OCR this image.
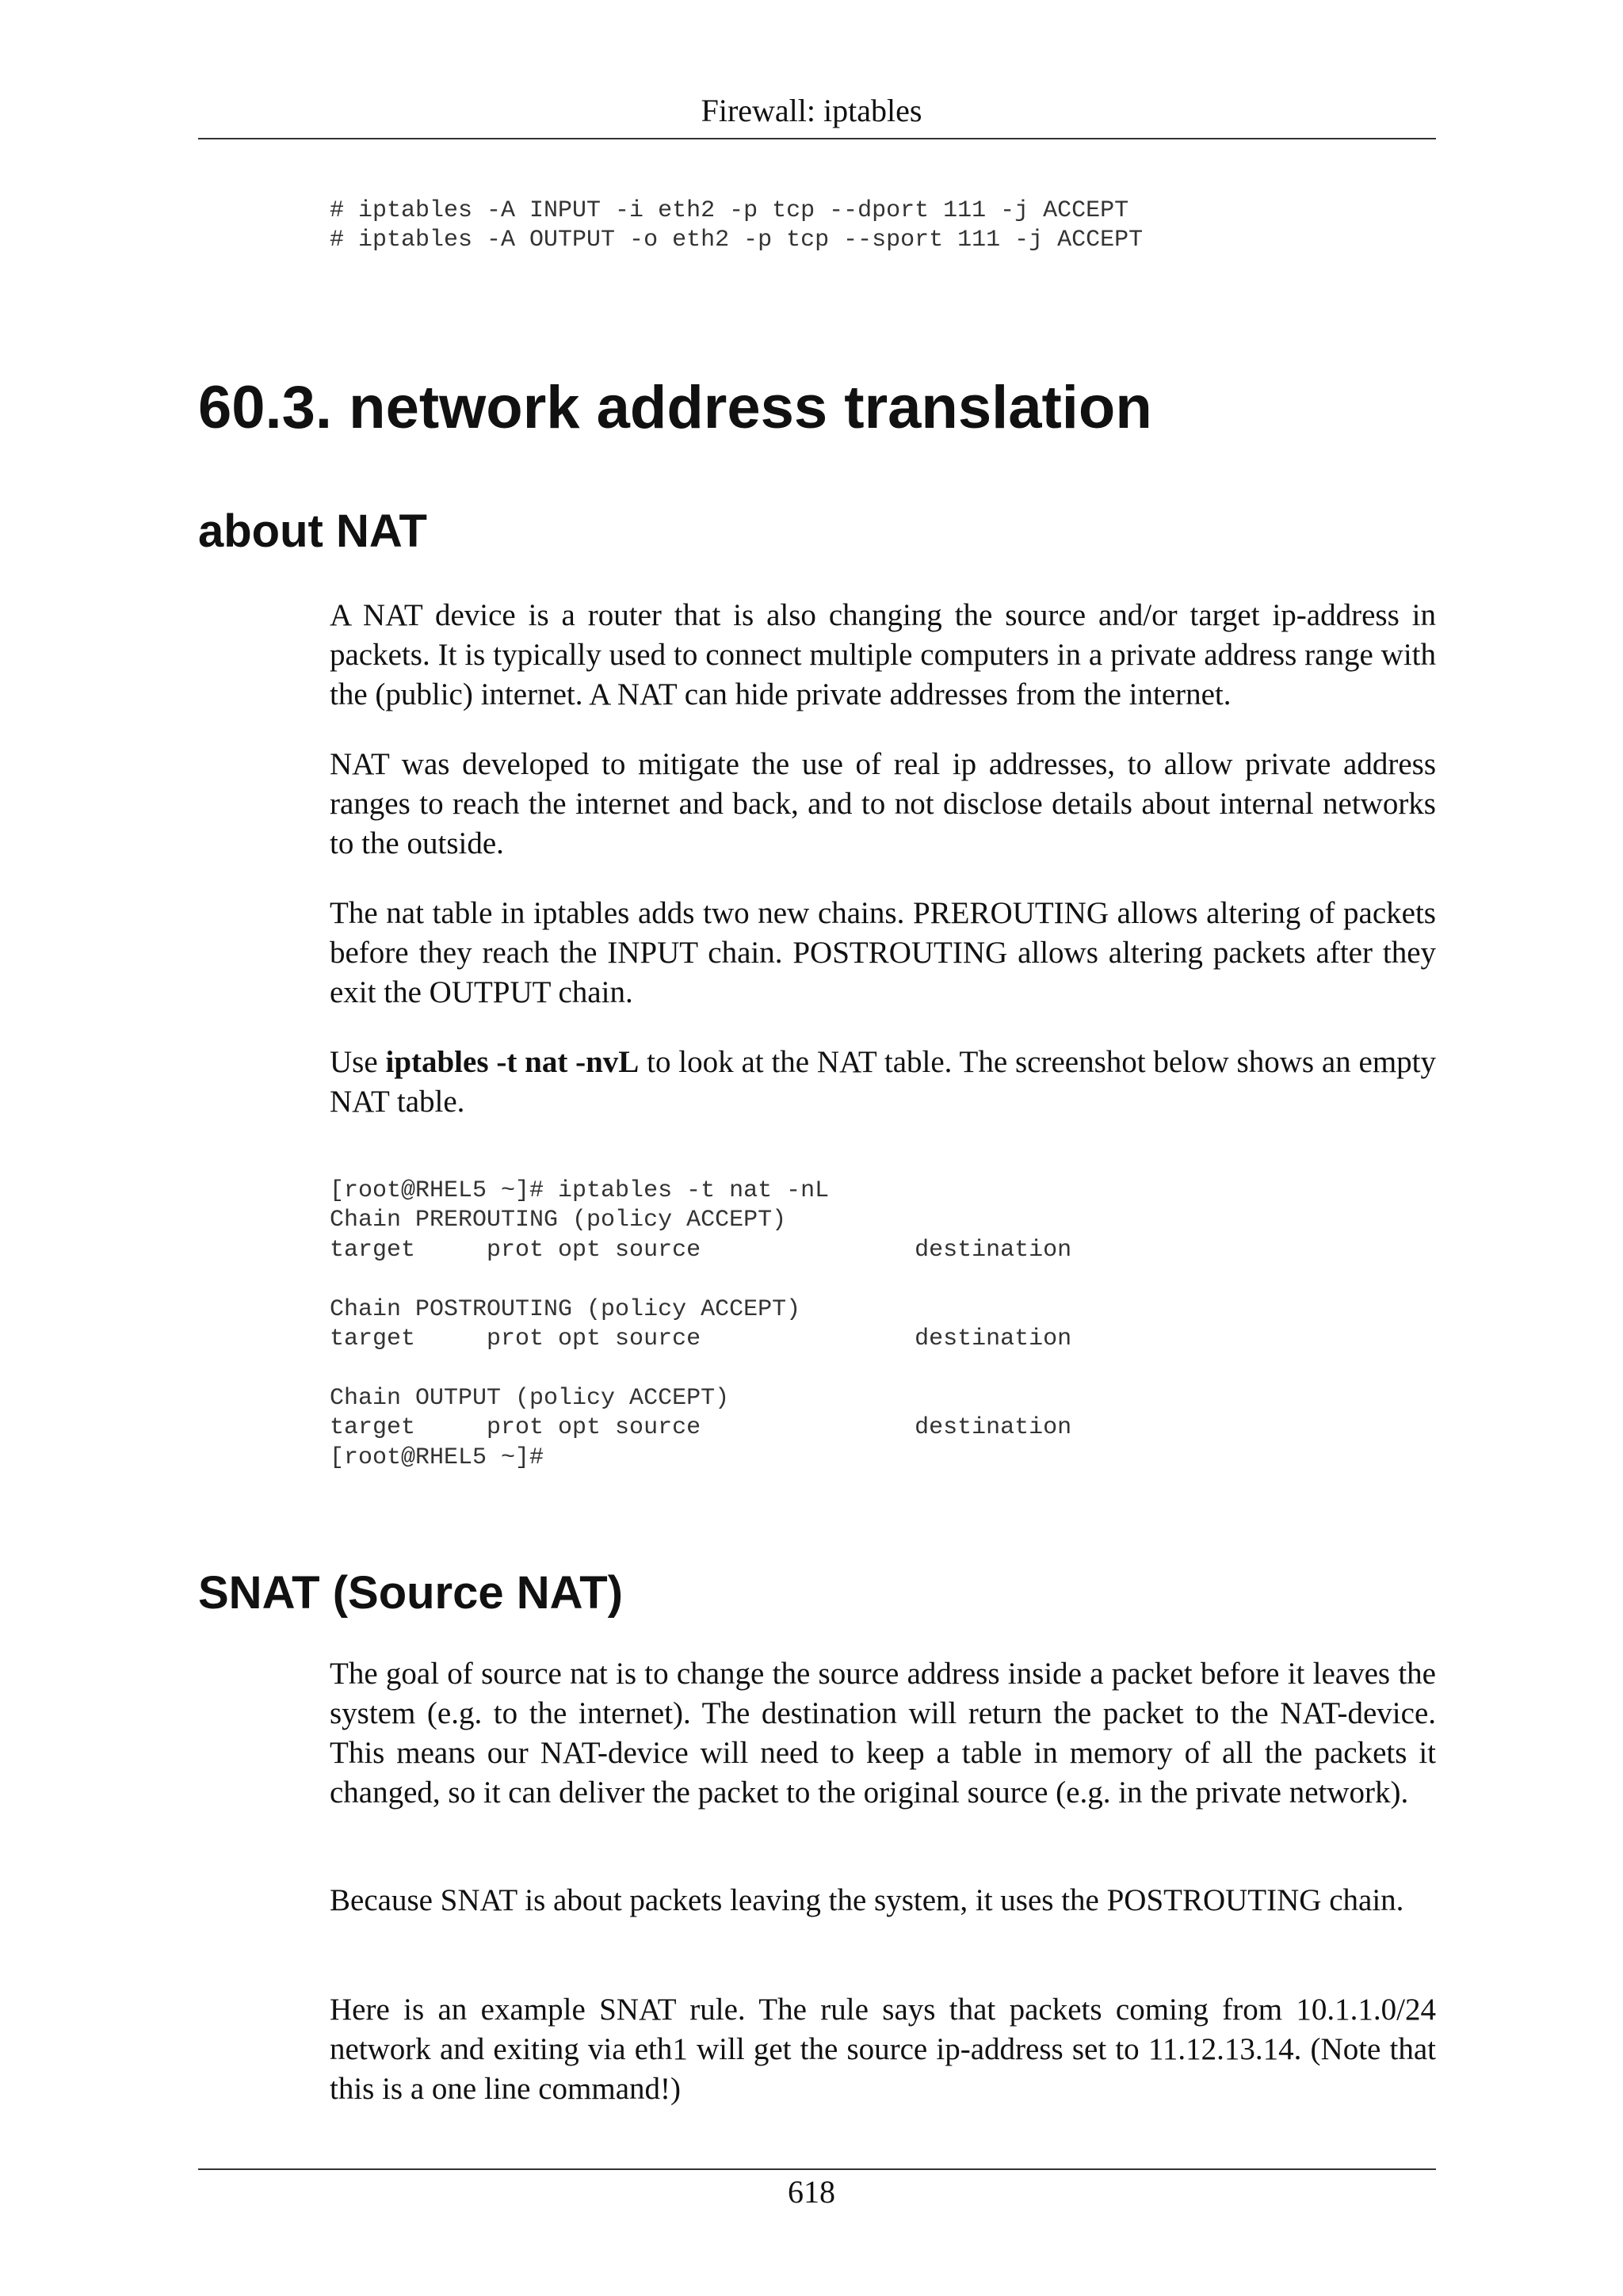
Firewall: iptables
# iptables -A INPUT -i eth2 -p tcp --dport 111 -j ACCEPT
# iptables -A OUTPUT -o eth2 -p tcp --sport 111 -j ACCEPT
60.3. network address translation
about NAT

A NAT device is a router that is also changing the source and/or target ip-address in packets. It is typically used to connect multiple computers in a private address range with the (public) internet. A NAT can hide private addresses from the internet.

NAT was developed to mitigate the use of real ip addresses, to allow private address ranges to reach the internet and back, and to not disclose details about internal networks to the outside.

The nat table in iptables adds two new chains. PREROUTING allows altering of packets before they reach the INPUT chain. POSTROUTING allows altering packets after they exit the OUTPUT chain.

Use iptables -t nat -nvL to look at the NAT table. The screenshot below shows an empty NAT table.

[root@RHEL5 ~]# iptables -t nat -nL
Chain PREROUTING (policy ACCEPT)
target     prot opt source               destination

Chain POSTROUTING (policy ACCEPT)
target     prot opt source               destination

Chain OUTPUT (policy ACCEPT)
target     prot opt source               destination
[root@RHEL5 ~]#
SNAT (Source NAT)

The goal of source nat is to change the source address inside a packet before it leaves the system (e.g. to the internet). The destination will return the packet to the NAT-device. This means our NAT-device will need to keep a table in memory of all the packets it changed, so it can deliver the packet to the original source (e.g. in the private network).

Because SNAT is about packets leaving the system, it uses the POSTROUTING chain.

Here is an example SNAT rule. The rule says that packets coming from 10.1.1.0/24 network and exiting via eth1 will get the source ip-address set to 11.12.13.14. (Note that this is a one line command!)

618
